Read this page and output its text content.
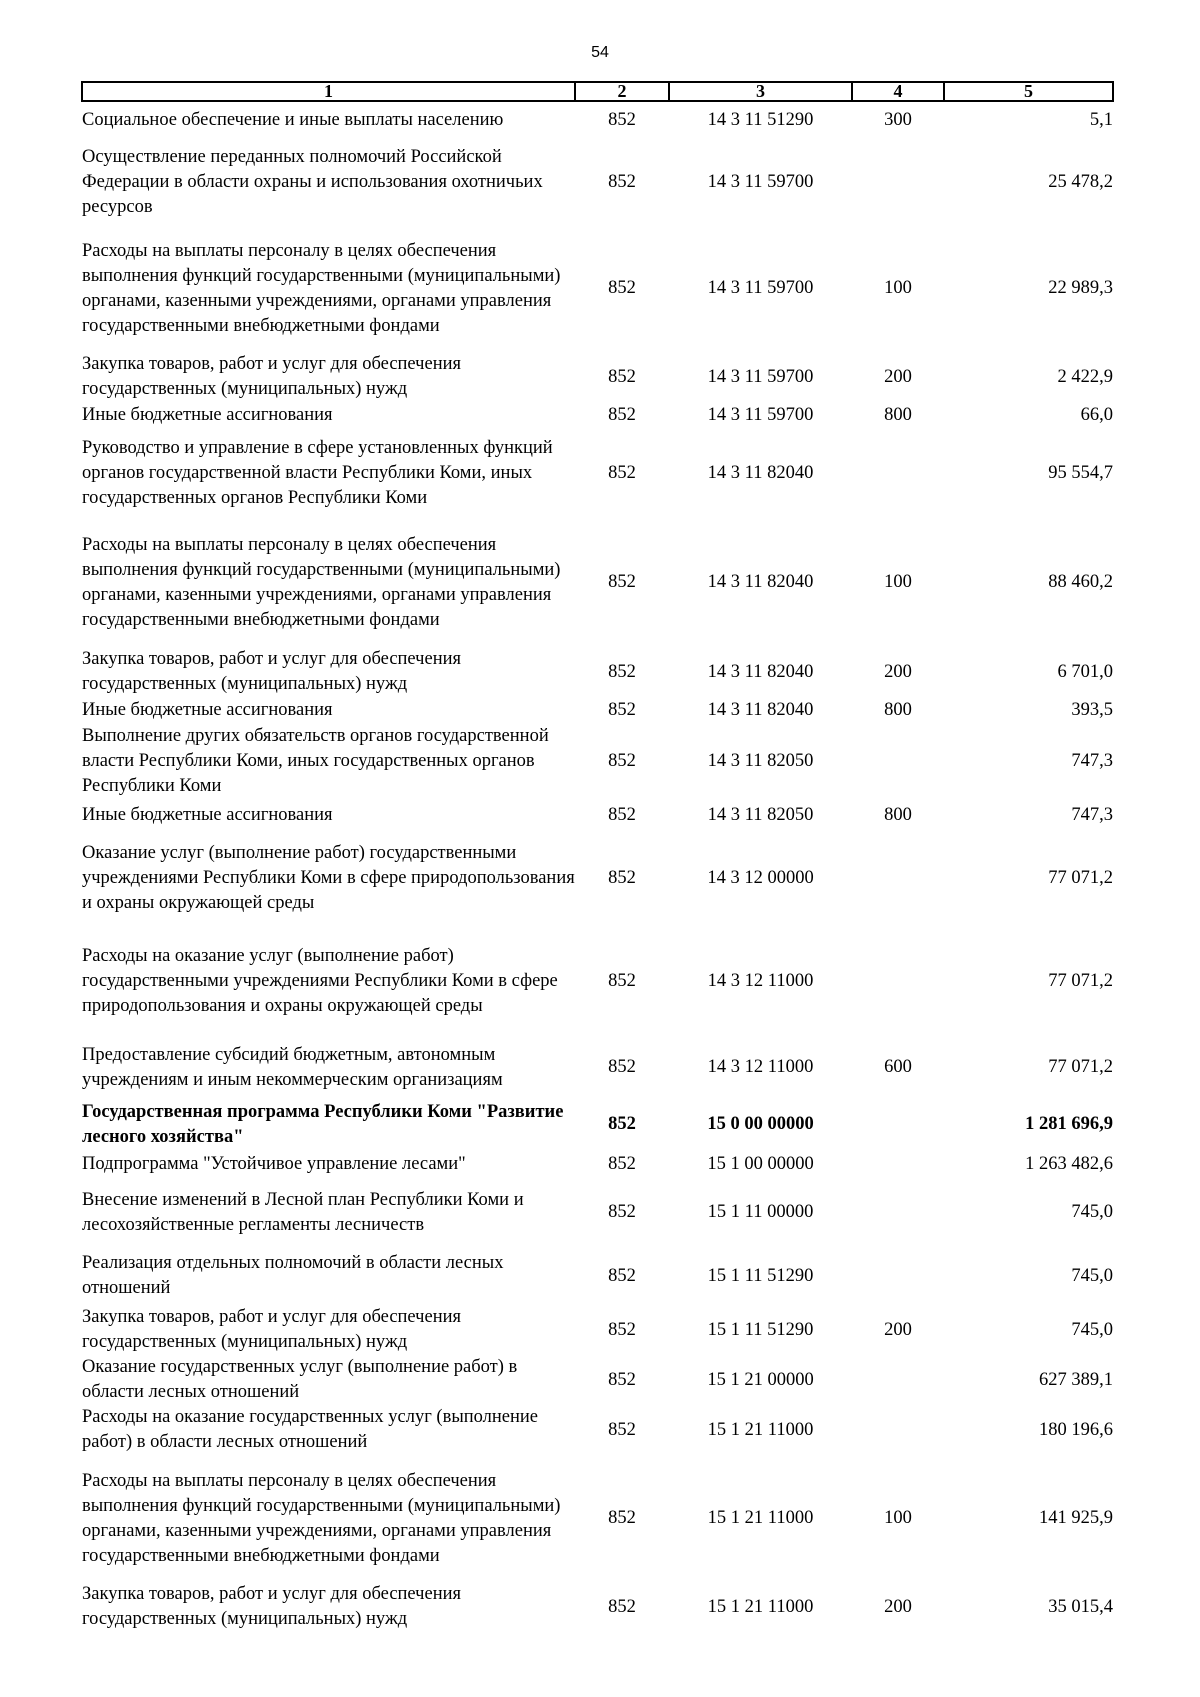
54
1	2	3	4	5
Социальное обеспечение и иные выплаты населению	852	14 3 11 51290	300	5,1
Осуществление переданных полномочий Российской Федерации в области охраны и использования охотничьих ресурсов	852	14 3 11 59700		25 478,2
Расходы на выплаты персоналу в целях обеспечения выполнения функций государственными (муниципальными) органами, казенными учреждениями, органами управления государственными внебюджетными фондами	852	14 3 11 59700	100	22 989,3
Закупка товаров, работ и услуг для обеспечения государственных (муниципальных) нужд	852	14 3 11 59700	200	2 422,9
Иные бюджетные ассигнования	852	14 3 11 59700	800	66,0
Руководство и управление в сфере установленных функций органов государственной власти Республики Коми, иных государственных органов Республики Коми	852	14 3 11 82040		95 554,7
Расходы на выплаты персоналу в целях обеспечения выполнения функций государственными (муниципальными) органами, казенными учреждениями, органами управления государственными внебюджетными фондами	852	14 3 11 82040	100	88 460,2
Закупка товаров, работ и услуг для обеспечения государственных (муниципальных) нужд	852	14 3 11 82040	200	6 701,0
Иные бюджетные ассигнования	852	14 3 11 82040	800	393,5
Выполнение других обязательств органов государственной власти Республики Коми, иных государственных органов Республики Коми	852	14 3 11 82050		747,3
Иные бюджетные ассигнования	852	14 3 11 82050	800	747,3
Оказание услуг (выполнение работ) государственными учреждениями Республики Коми в сфере природопользования и охраны окружающей среды	852	14 3 12 00000		77 071,2
Расходы на оказание услуг (выполнение работ) государственными учреждениями Республики Коми в сфере природопользования и охраны окружающей среды	852	14 3 12 11000		77 071,2
Предоставление субсидий бюджетным, автономным учреждениям и иным некоммерческим организациям	852	14 3 12 11000	600	77 071,2
Государственная программа Республики Коми "Развитие лесного хозяйства"	852	15 0 00 00000		1 281 696,9
Подпрограмма "Устойчивое управление лесами"	852	15 1 00 00000		1 263 482,6
Внесение изменений в Лесной план Республики Коми и лесохозяйственные регламенты лесничеств	852	15 1 11 00000		745,0
Реализация отдельных полномочий в области лесных отношений	852	15 1 11 51290		745,0
Закупка товаров, работ и услуг для обеспечения государственных (муниципальных) нужд	852	15 1 11 51290	200	745,0
Оказание государственных услуг (выполнение работ) в области лесных отношений	852	15 1 21 00000		627 389,1
Расходы на оказание государственных услуг (выполнение работ) в области лесных отношений	852	15 1 21 11000		180 196,6
Расходы на выплаты персоналу в целях обеспечения выполнения функций государственными (муниципальными) органами, казенными учреждениями, органами управления государственными внебюджетными фондами	852	15 1 21 11000	100	141 925,9
Закупка товаров, работ и услуг для обеспечения государственных (муниципальных) нужд	852	15 1 21 11000	200	35 015,4
